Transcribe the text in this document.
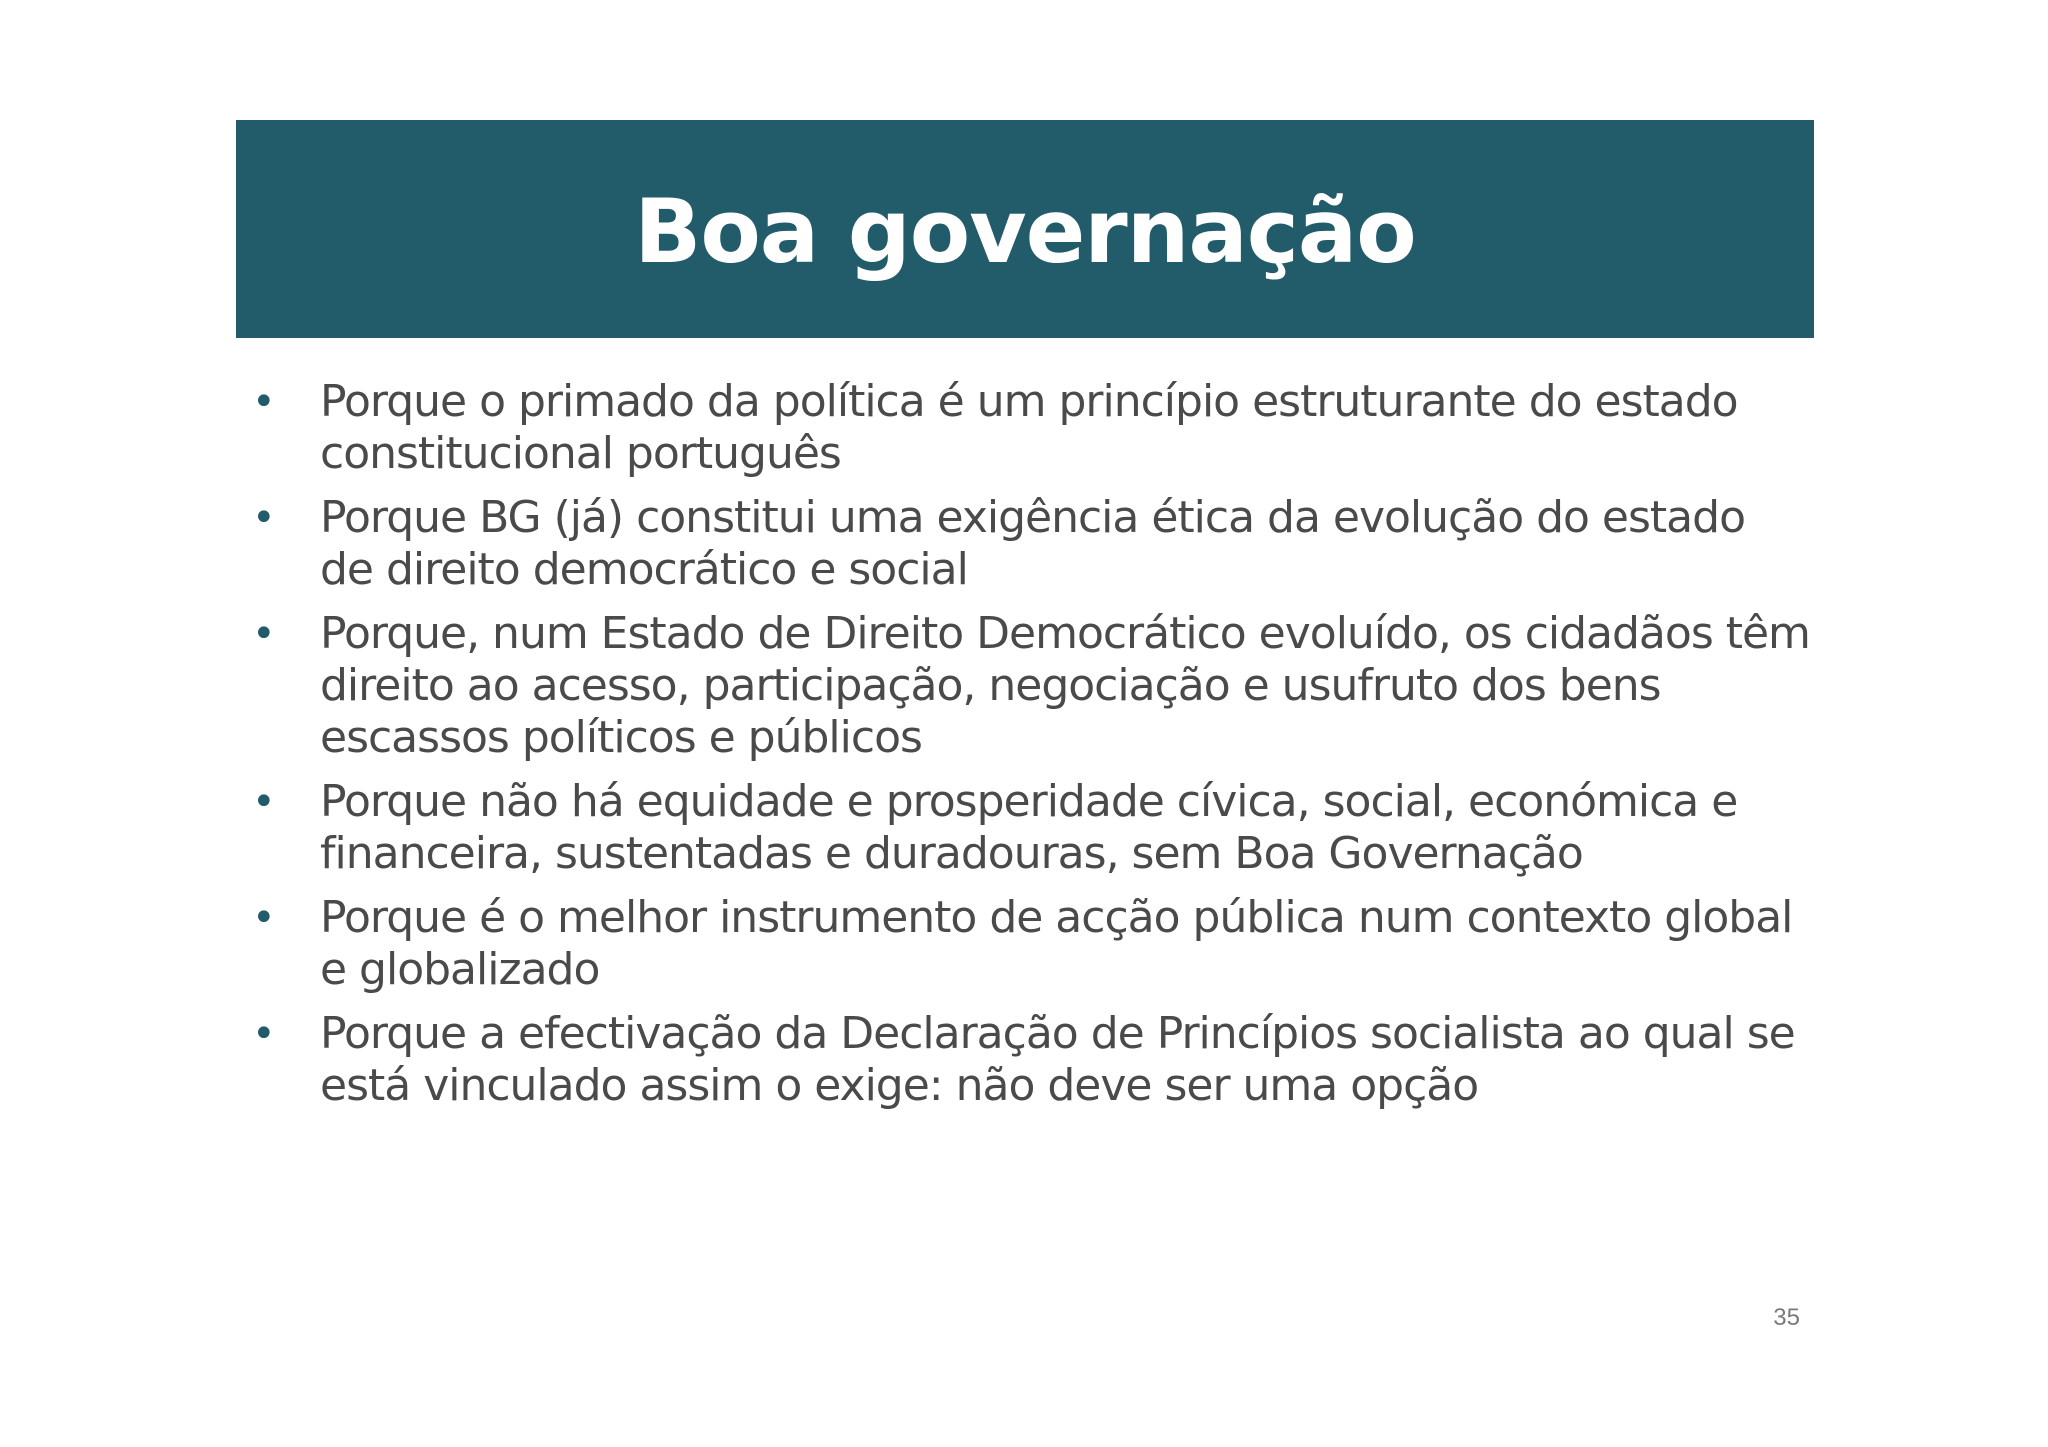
Boa governação
• Porque o primado da política é um princípio estruturante do estado constitucional português
• Porque BG (já) constitui uma exigência ética da evolução do estado de direito democrático e social
• Porque, num Estado de Direito Democrático evoluído, os cidadãos têm direito ao acesso, participação, negociação e usufruto dos bens escassos políticos e públicos
• Porque não há equidade e prosperidade cívica, social, económica e financeira, sustentadas e duradouras, sem Boa Governação
• Porque é o melhor instrumento de acção pública num contexto global e globalizado
• Porque a efectivação da Declaração de Princípios socialista ao qual se está vinculado assim o exige: não deve ser uma opção
35
